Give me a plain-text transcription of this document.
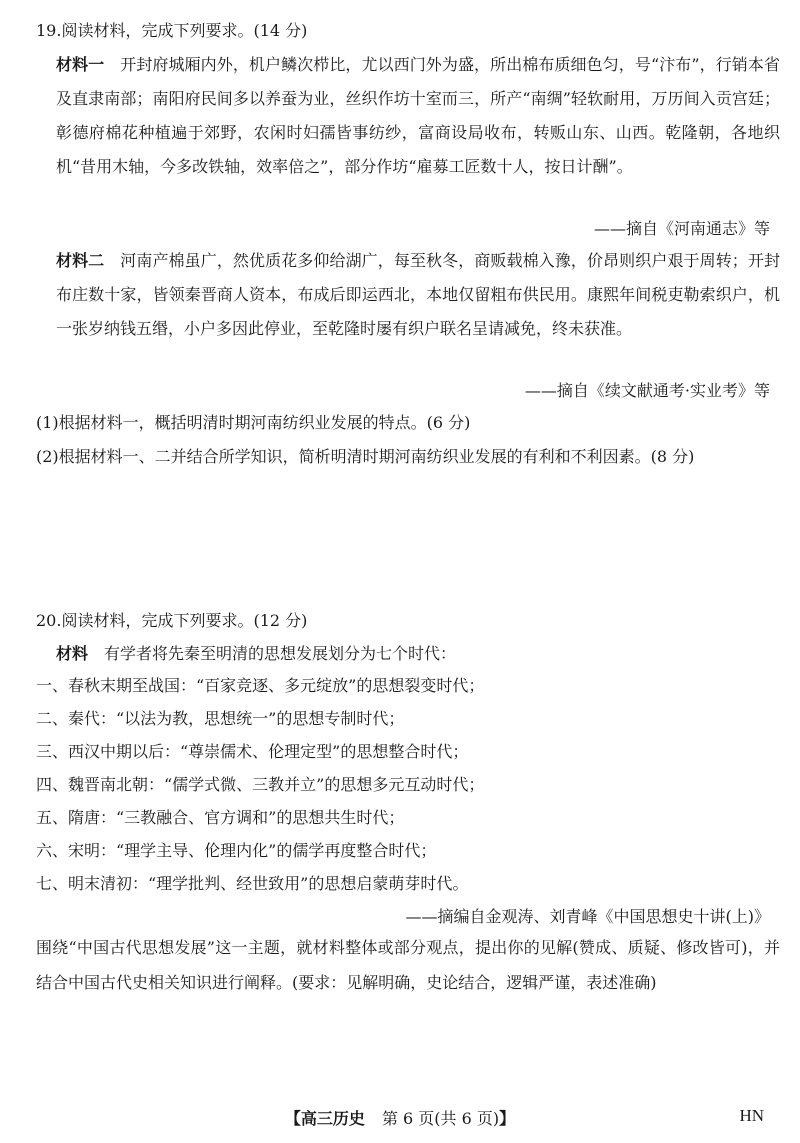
19.阅读材料，完成下列要求。(14 分)
材料一 开封府城厢内外，机户鳞次栉比，尤以西门外为盛，所出棉布质细色匀，号“汴布”，行销本省及直隶南部；南阳府民间多以养蚕为业，丝织作坊十室而三，所产“南绸”轻软耐用，万历间入贡宫廷；彰德府棉花种植遍于郊野，农闲时妇孺皆事纺纱，富商设局收布，转贩山东、山西。乾隆朝，各地织机“昔用木轴，今多改铁轴，效率倍之”，部分作坊“雇募工匠数十人，按日计酬”。
——摘自《河南通志》等
材料二 河南产棉虽广，然优质花多仰给湖广，每至秋冬，商贩载棉入豫，价昂则织户艰于周转；开封布庄数十家，皆领秦晋商人资本，布成后即运西北，本地仅留粗布供民用。康熙年间税吏勒索织户，机一张岁纳钱五缗，小户多因此停业，至乾隆时屡有织户联名呈请减免，终未获准。
——摘自《续文献通考·实业考》等
(1)根据材料一，概括明清时期河南纺织业发展的特点。(6 分)
(2)根据材料一、二并结合所学知识，简析明清时期河南纺织业发展的有利和不利因素。(8 分)
20.阅读材料，完成下列要求。(12 分)
材料 有学者将先秦至明清的思想发展划分为七个时代：
一、春秋末期至战国：“百家竞逐、多元绽放”的思想裂变时代；
二、秦代：“以法为教，思想统一”的思想专制时代；
三、西汉中期以后：“尊崇儒术、伦理定型”的思想整合时代；
四、魏晋南北朝：“儒学式微、三教并立”的思想多元互动时代；
五、隋唐：“三教融合、官方调和”的思想共生时代；
六、宋明：“理学主导、伦理内化”的儒学再度整合时代；
七、明末清初：“理学批判、经世致用”的思想启蒙萌芽时代。
——摘编自金观涛、刘青峰《中国思想史十讲(上)》
围绕“中国古代思想发展”这一主题，就材料整体或部分观点，提出你的见解(赞成、质疑、修改皆可)，并结合中国古代史相关知识进行阐释。(要求：见解明确，史论结合，逻辑严谨，表述准确)
【高三历史 第 6 页(共 6 页)】	HN
